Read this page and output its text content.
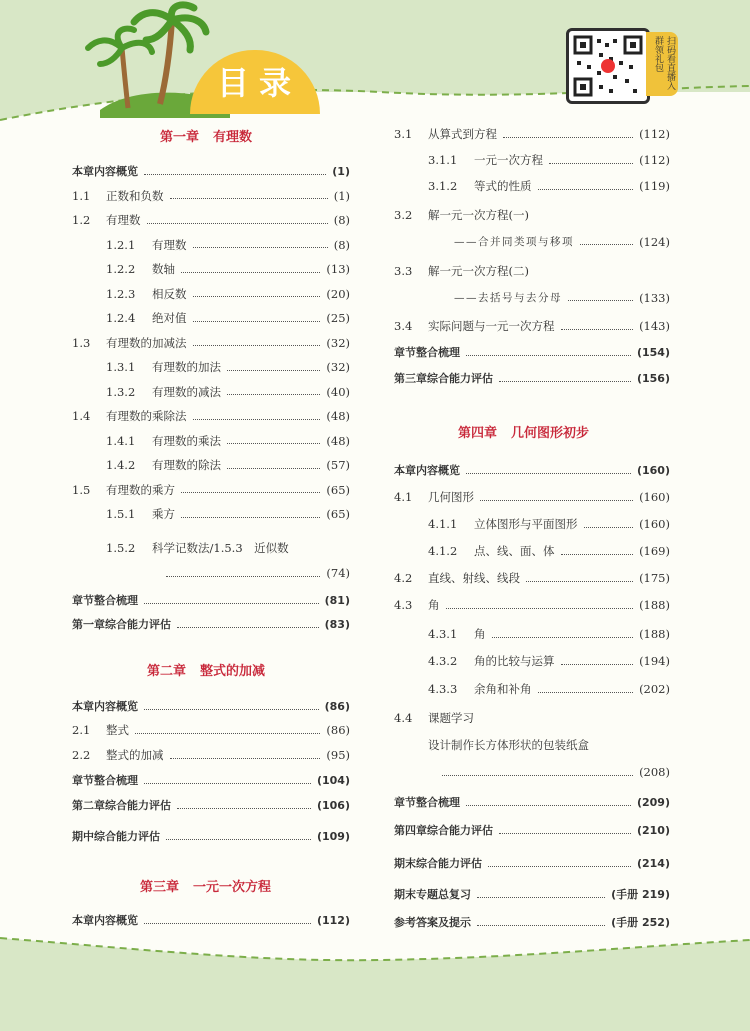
目录	扫码看直播入群领礼包
第一章 有理数
第二章 整式的加减
第三章 一元一次方程
第四章 几何图形初步
本章内容概览	(1)
1.1	正数和负数	(1)
1.2	有理数	(8)
1.2.1	有理数	(8)
1.2.2	数轴	(13)
1.2.3	相反数	(20)
1.2.4	绝对值	(25)
1.3	有理数的加减法	(32)
1.3.1	有理数的加法	(32)
1.3.2	有理数的减法	(40)
1.4	有理数的乘除法	(48)
1.4.1	有理数的乘法	(48)
1.4.2	有理数的除法	(57)
1.5	有理数的乘方	(65)
1.5.1	乘方	(65)
1.5.2	科学记数法/1.5.3　近似数
(74)
章节整合梳理	(81)
第一章综合能力评估	(83)
本章内容概览	(86)
2.1	整式	(86)
2.2	整式的加减	(95)
章节整合梳理	(104)
第二章综合能力评估	(106)
期中综合能力评估	(109)
本章内容概览	(112)
3.1	从算式到方程	(112)
3.1.1	一元一次方程	(112)
3.1.2	等式的性质	(119)
3.2	解一元一次方程(一)
——合并同类项与移项	(124)
3.3	解一元一次方程(二)
——去括号与去分母	(133)
3.4	实际问题与一元一次方程	(143)
章节整合梳理	(154)
第三章综合能力评估	(156)
本章内容概览	(160)
4.1	几何图形	(160)
4.1.1	立体图形与平面图形	(160)
4.1.2	点、线、面、体	(169)
4.2	直线、射线、线段	(175)
4.3	角	(188)
4.3.1	角	(188)
4.3.2	角的比较与运算	(194)
4.3.3	余角和补角	(202)
4.4	课题学习
设计制作长方体形状的包装纸盒
(208)
章节整合梳理	(209)
第四章综合能力评估	(210)
期末综合能力评估	(214)
期末专题总复习	(手册 219)
参考答案及提示	(手册 252)
